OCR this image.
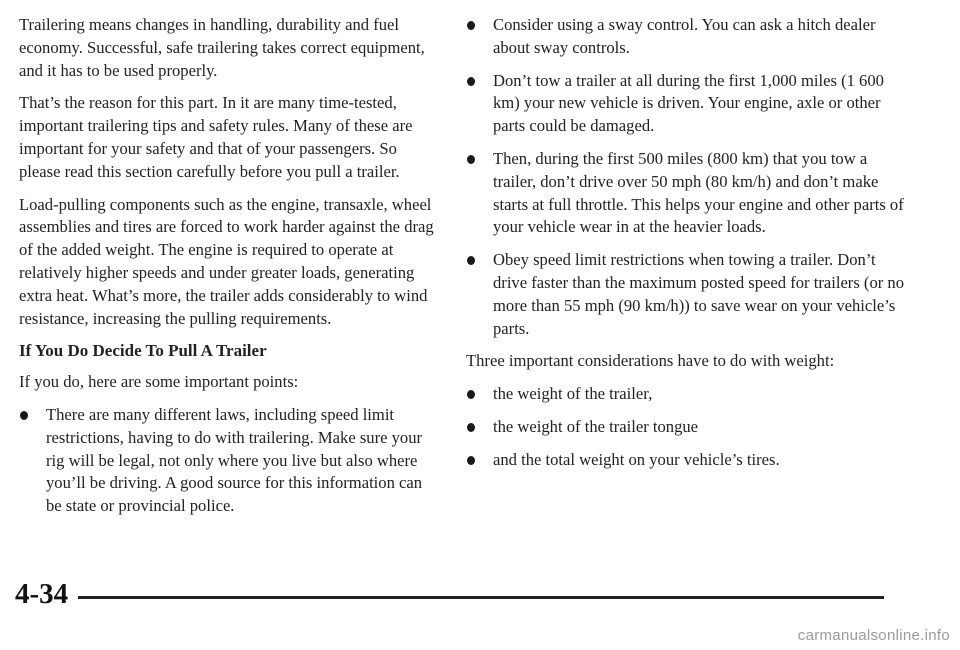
Trailering means changes in handling, durability and fuel economy. Successful, safe trailering takes correct equipment, and it has to be used properly.

That’s the reason for this part. In it are many time-tested, important trailering tips and safety rules. Many of these are important for your safety and that of your passengers. So please read this section carefully before you pull a trailer.

Load-pulling components such as the engine, transaxle, wheel assemblies and tires are forced to work harder against the drag of the added weight. The engine is required to operate at relatively higher speeds and under greater loads, generating extra heat. What’s more, the trailer adds considerably to wind resistance, increasing the pulling requirements.

If You Do Decide To Pull A Trailer

If you do, here are some important points:

There are many different laws, including speed limit restrictions, having to do with trailering. Make sure your rig will be legal, not only where you live but also where you’ll be driving. A good source for this information can be state or provincial police.
Consider using a sway control. You can ask a hitch dealer about sway controls.
Don’t tow a trailer at all during the first 1,000 miles (1 600 km) your new vehicle is driven. Your engine, axle or other parts could be damaged.
Then, during the first 500 miles (800 km) that you tow a trailer, don’t drive over 50 mph (80 km/h) and don’t make starts at full throttle. This helps your engine and other parts of your vehicle wear in at the heavier loads.
Obey speed limit restrictions when towing a trailer. Don’t drive faster than the maximum posted speed for trailers (or no more than 55 mph (90 km/h)) to save wear on your vehicle’s parts.

Three important considerations have to do with weight:

the weight of the trailer,
the weight of the trailer tongue
and the total weight on your vehicle’s tires.
4-34
carmanualsonline.info
